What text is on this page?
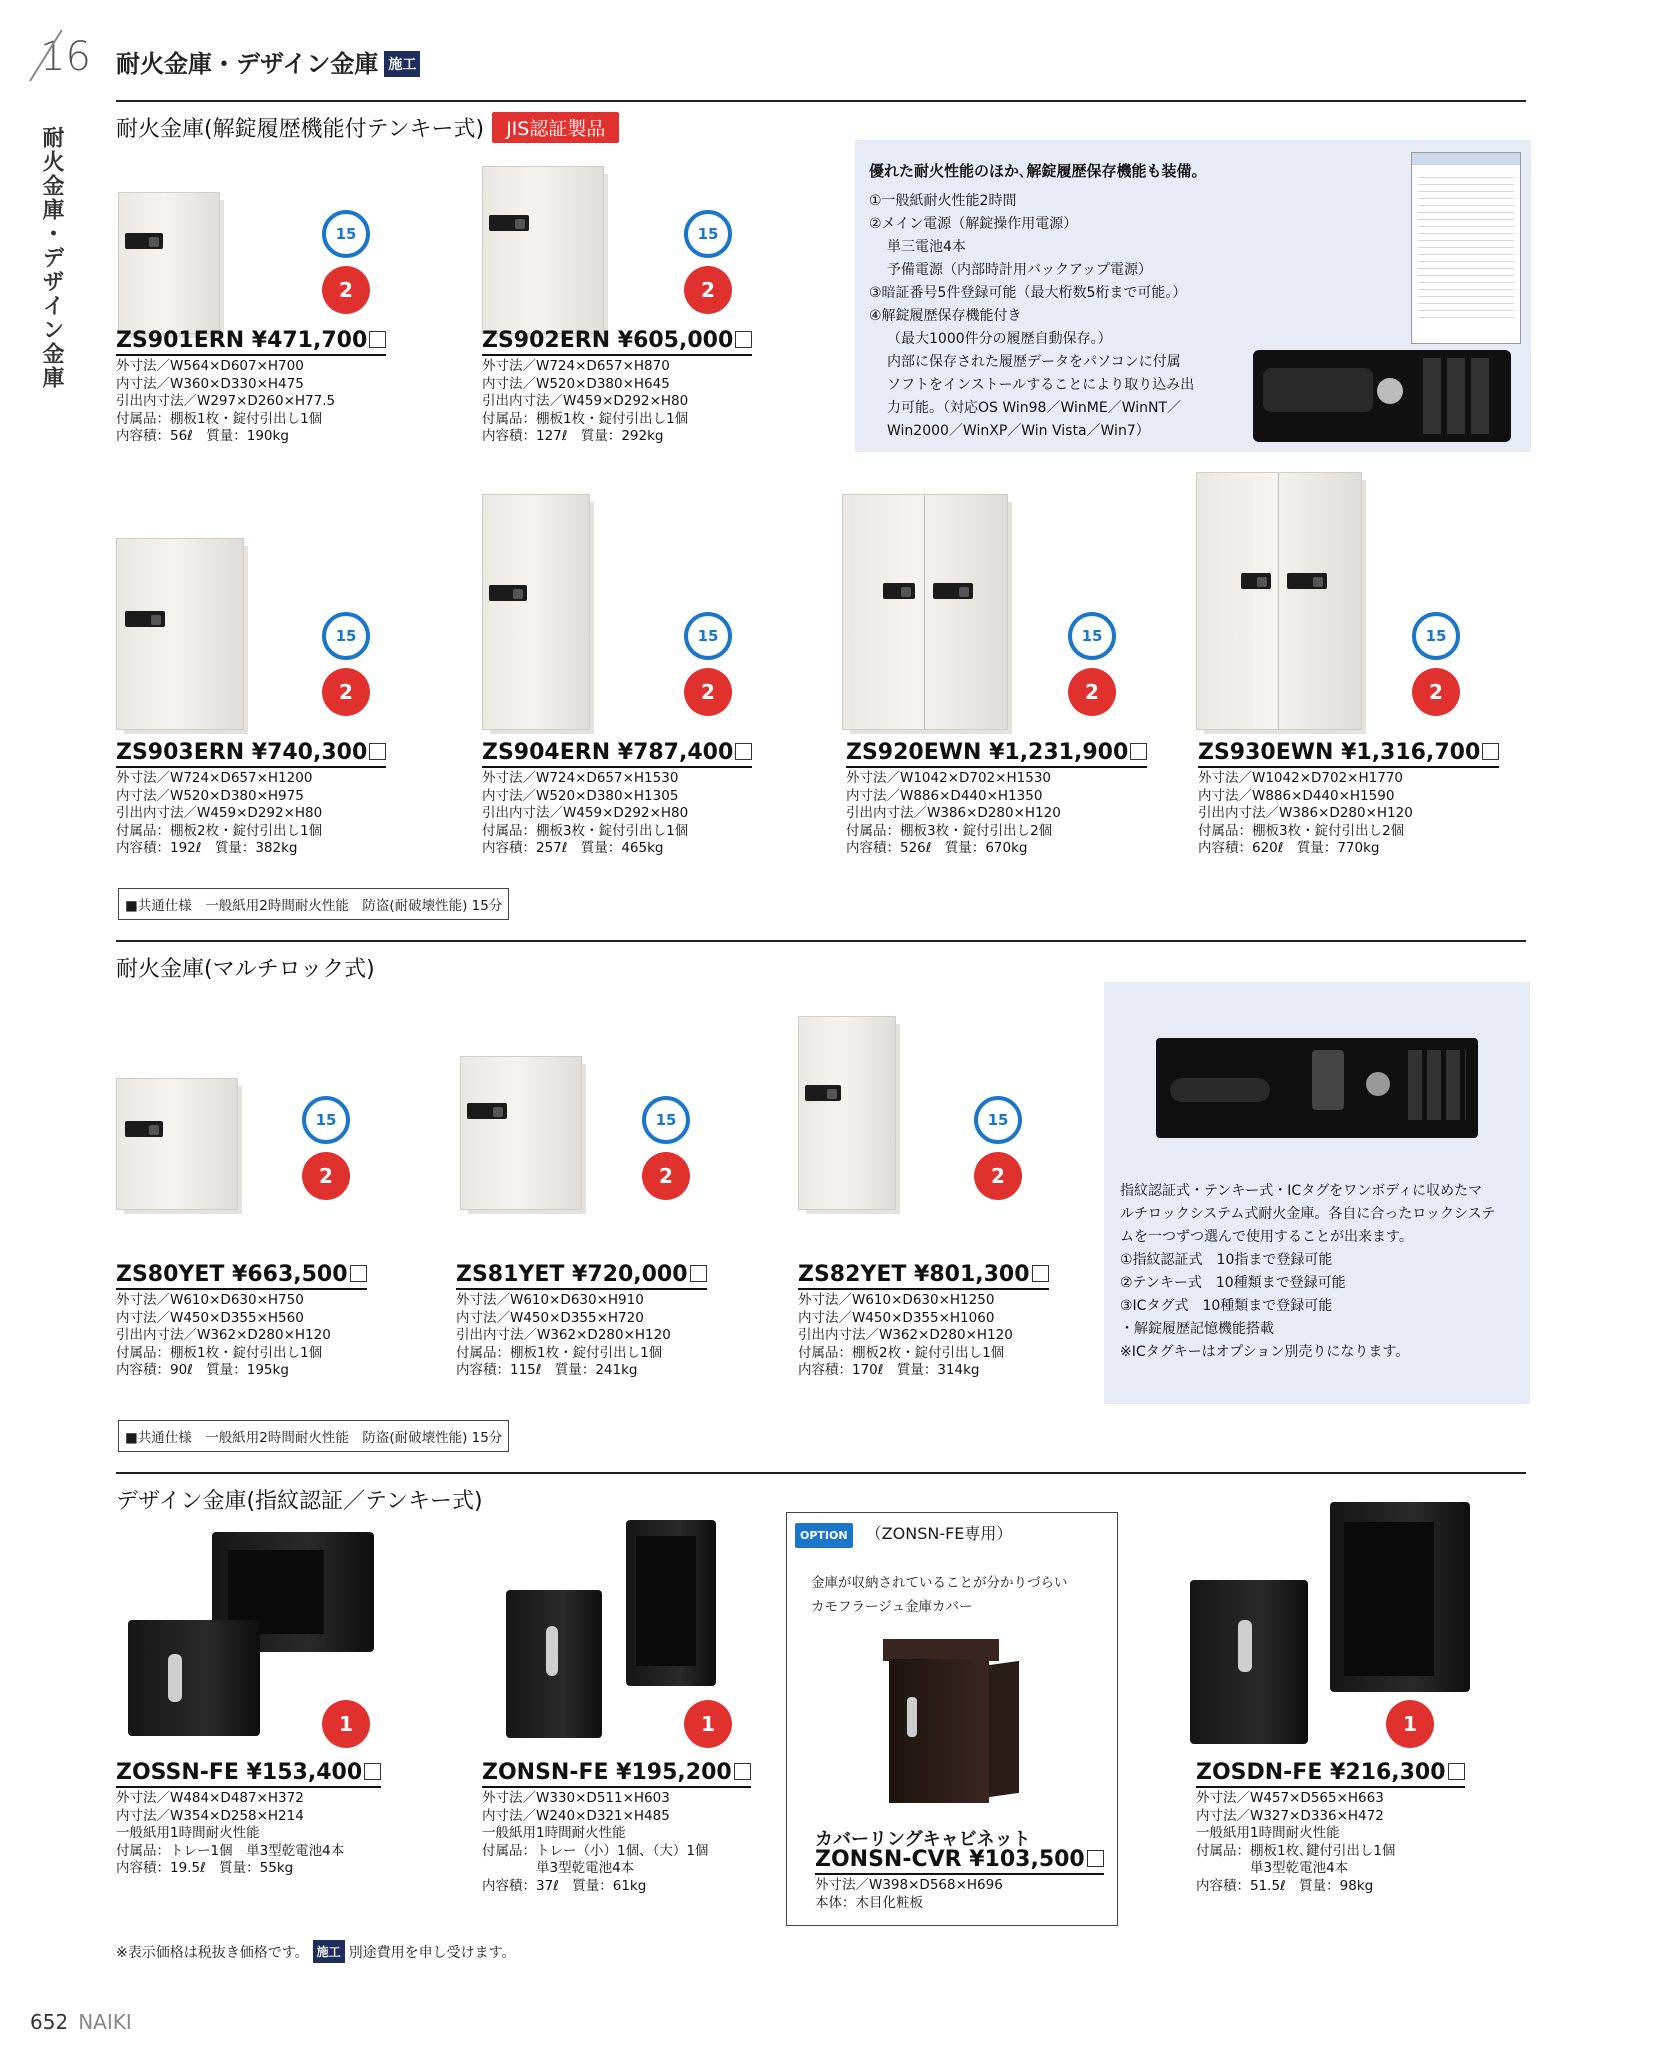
16
耐火金庫・デザイン金庫
耐火金庫・デザイン金庫 施工
耐火金庫(解錠履歴機能付テンキー式) JIS認証製品
優れた耐火性能のほか､解錠履歴保存機能も装備。

①一般紙耐火性能2時間
②メイン電源（解錠操作用電源）
単三電池4本
予備電源（内部時計用バックアップ電源）
③暗証番号5件登録可能（最大桁数5桁まで可能。）
④解錠履歴保存機能付き
（最大1000件分の履歴自動保存。）
内部に保存された履歴データをパソコンに付属
ソフトをインストールすることにより取り込み出
力可能。（対応OS Win98／WinME／WinNT／
Win2000／WinXP／Win Vista／Win7）
15
2
ZS901ERN ¥471,700
外寸法／W564×D607×H700
内寸法／W360×D330×H475
引出内寸法／W297×D260×H77.5
付属品：棚板1枚・錠付引出し1個
内容積：56ℓ　質量：190kg
15
2
ZS902ERN ¥605,000
外寸法／W724×D657×H870
内寸法／W520×D380×H645
引出内寸法／W459×D292×H80
付属品：棚板1枚・錠付引出し1個
内容積：127ℓ　質量：292kg
15
2
ZS903ERN ¥740,300
外寸法／W724×D657×H1200
内寸法／W520×D380×H975
引出内寸法／W459×D292×H80
付属品：棚板2枚・錠付引出し1個
内容積：192ℓ　質量：382kg
15
2
ZS904ERN ¥787,400
外寸法／W724×D657×H1530
内寸法／W520×D380×H1305
引出内寸法／W459×D292×H80
付属品：棚板3枚・錠付引出し1個
内容積：257ℓ　質量：465kg
15
2
ZS920EWN ¥1,231,900
外寸法／W1042×D702×H1530
内寸法／W886×D440×H1350
引出内寸法／W386×D280×H120
付属品：棚板3枚・錠付引出し2個
内容積：526ℓ　質量：670kg
15
2
ZS930EWN ¥1,316,700
外寸法／W1042×D702×H1770
内寸法／W886×D440×H1590
引出内寸法／W386×D280×H120
付属品：棚板3枚・錠付引出し2個
内容積：620ℓ　質量：770kg
■共通仕様　一般紙用2時間耐火性能　防盗(耐破壊性能) 15分
耐火金庫(マルチロック式)
指紋認証式・テンキー式・ICタグをワンボディに収めたマ
ルチロックシステム式耐火金庫。各自に合ったロックシステ
ムを一つずつ選んで使用することが出来ます。
①指紋認証式　10指まで登録可能
②テンキー式　10種類まで登録可能
③ICタグ式　10種類まで登録可能
・解錠履歴記憶機能搭載
※ICタグキーはオプション別売りになります。
15
2
ZS80YET ¥663,500
外寸法／W610×D630×H750
内寸法／W450×D355×H560
引出内寸法／W362×D280×H120
付属品：棚板1枚・錠付引出し1個
内容積：90ℓ　質量：195kg
15
2
ZS81YET ¥720,000
外寸法／W610×D630×H910
内寸法／W450×D355×H720
引出内寸法／W362×D280×H120
付属品：棚板1枚・錠付引出し1個
内容積：115ℓ　質量：241kg
15
2
ZS82YET ¥801,300
外寸法／W610×D630×H1250
内寸法／W450×D355×H1060
引出内寸法／W362×D280×H120
付属品：棚板2枚・錠付引出し1個
内容積：170ℓ　質量：314kg
■共通仕様　一般紙用2時間耐火性能　防盗(耐破壊性能) 15分
デザイン金庫(指紋認証／テンキー式)
1
ZOSSN-FE ¥153,400
外寸法／W484×D487×H372
内寸法／W354×D258×H214
一般紙用1時間耐火性能
付属品：トレー1個　単3型乾電池4本
内容積：19.5ℓ　質量：55kg
1
ZONSN-FE ¥195,200
外寸法／W330×D511×H603
内寸法／W240×D321×H485
一般紙用1時間耐火性能
付属品：トレー（小）1個、（大）1個
　　　　単3型乾電池4本
内容積：37ℓ　質量：61kg
OPTION （ZONSN-FE専用）
金庫が収納されていることが分かりづらい
カモフラージュ金庫カバー
カバーリングキャビネット
ZONSN-CVR ¥103,500
外寸法／W398×D568×H696
本体：木目化粧板
1
ZOSDN-FE ¥216,300
外寸法／W457×D565×H663
内寸法／W327×D336×H472
一般紙用1時間耐火性能
付属品：棚板1枚､鍵付引出し1個
　　　　単3型乾電池4本
内容積：51.5ℓ　質量：98kg
※表示価格は税抜き価格です。 施工 別途費用を申し受けます。
652 NAIKI
